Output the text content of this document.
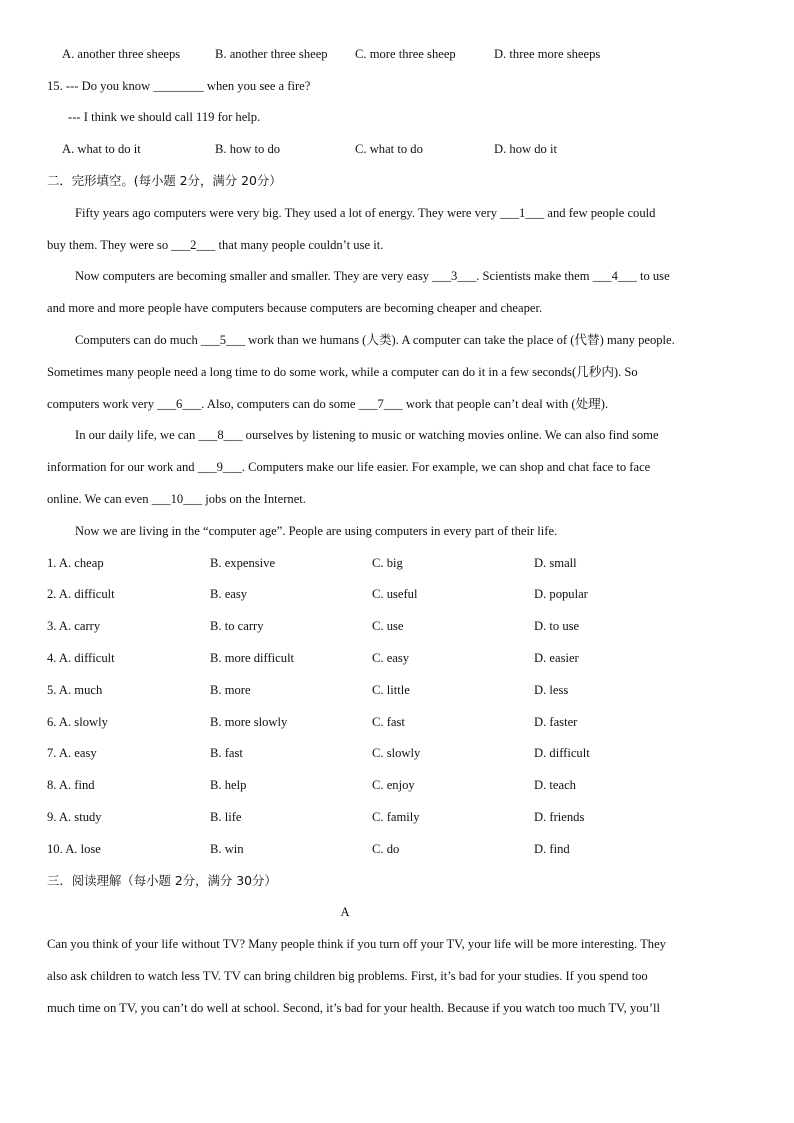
A. another three sheeps	B. another three sheep C. more three sheep	D. three more sheeps
15. --- Do you know ________ when you see a fire?
--- I think we should call 119 for help.
A. what to do it	B. how to do	C. what to do	D. how do it
二．完形填空。(每小题 2分，满分 20分）
Fifty years ago computers were very big. They used a lot of energy. They were very ___1___ and few people could
buy them. They were so ___2___ that many people couldn’t use it.
Now computers are becoming smaller and smaller. They are very easy ___3___. Scientists make them ___4___ to use
and more and more people have computers because computers are becoming cheaper and cheaper.
Computers can do much ___5___ work than we humans (人类). A computer can take the place of (代替) many people.
Sometimes many people need a long time to do some work, while a computer can do it in a few seconds(几秒内). So
computers work very ___6___. Also, computers can do some ___7___ work that people can’t deal with (处理).
In our daily life, we can ___8___ ourselves by listening to music or watching movies online. We can also find some
information for our work and ___9___. Computers make our life easier. For example, we can shop and chat face to face
online. We can even ___10___ jobs on the Internet.
Now we are living in the “computer age”. People are using computers in every part of their life.
1. A. cheap	B. expensive	C. big	D. small
2. A. difficult	B. easy	C. useful	D. popular
3. A. carry	B. to carry	C. use	D. to use
4. A. difficult	B. more difficult	C. easy	D. easier
5. A. much	B. more	C. little	D. less
6. A. slowly	B. more slowly	C. fast	D. faster
7. A. easy	B. fast	C. slowly	D. difficult
8. A. find	B. help	C. enjoy	D. teach
9. A. study	B. life	C. family	D. friends
10. A. lose	B. win	C. do	D. find
三．阅读理解（每小题 2分，满分 30分）
A
Can you think of your life without TV? Many people think if you turn off your TV, your life will be more interesting. They
also ask children to watch less TV. TV can bring children big problems. First, it’s bad for your studies. If you spend too
much time on TV, you can’t do well at school. Second, it’s bad for your health. Because if you watch too much TV, you’ll
